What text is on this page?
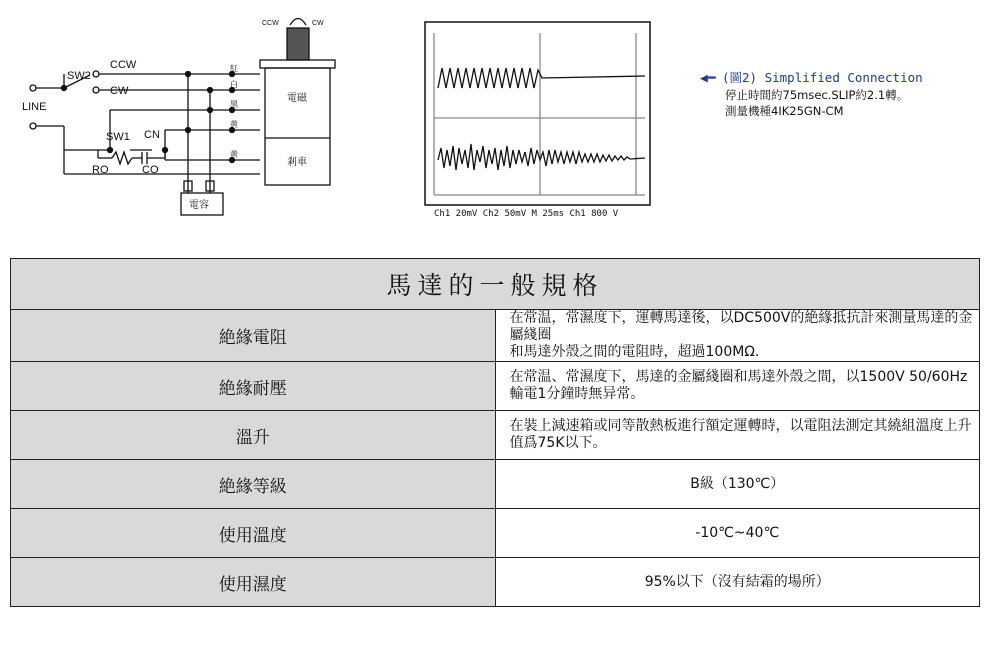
SW2
CCW
CW
LINE
SW1 CN
RO	CO
電容
紅
白
黑
黄
黄
電磁
剎車
CCW	CW
Ch1 20mV Ch2 50mV M 25ms Ch1 800 V
◀━ (圖2) Simplified Connection
停止時間約75msec.SLIP約2.1轉。
測量機種4IK25GN-CM
馬達的一般規格	
絶緣電阻	在常温，常濕度下，運轉馬達後，以DC500V的絶緣抵抗計來測量馬達的金屬綫圈
和馬達外殼之間的電阻時，超過100MΩ.

絶緣耐壓	在常温、常濕度下，馬達的金屬綫圈和馬達外殼之間，以1500V 50/60Hz輸電1分鐘時無异常。
溫升	在裝上減速箱或同等散熱板進行額定運轉時，以電阻法測定其繞組溫度上升值爲75K以下。
絶緣等級	B級（130℃）
使用溫度	-10℃~40℃
使用濕度	95%以下（沒有結霜的場所）
